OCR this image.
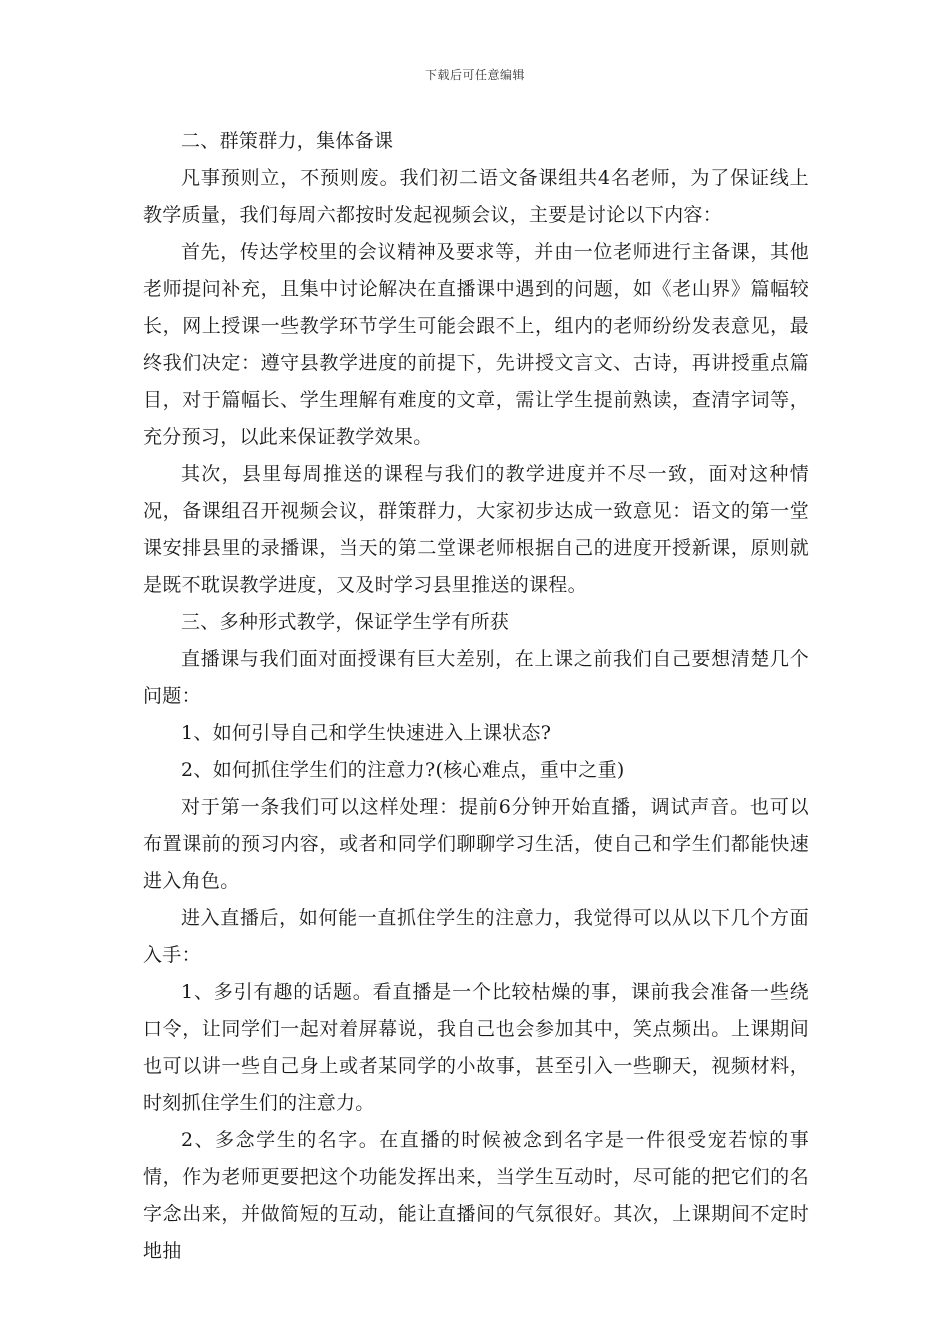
下载后可任意编辑

二、群策群力，集体备课

凡事预则立，不预则废。我们初二语文备课组共4名老师，为了保证线上教学质量，我们每周六都按时发起视频会议，主要是讨论以下内容：

首先，传达学校里的会议精神及要求等，并由一位老师进行主备课，其他老师提问补充，且集中讨论解决在直播课中遇到的问题，如《老山界》篇幅较长，网上授课一些教学环节学生可能会跟不上，组内的老师纷纷发表意见，最终我们决定：遵守县教学进度的前提下，先讲授文言文、古诗，再讲授重点篇目，对于篇幅长、学生理解有难度的文章，需让学生提前熟读，查清字词等，充分预习，以此来保证教学效果。

其次，县里每周推送的课程与我们的教学进度并不尽一致，面对这种情况，备课组召开视频会议，群策群力，大家初步达成一致意见：语文的第一堂课安排县里的录播课，当天的第二堂课老师根据自己的进度开授新课，原则就是既不耽误教学进度，又及时学习县里推送的课程。

三、多种形式教学，保证学生学有所获

直播课与我们面对面授课有巨大差别，在上课之前我们自己要想清楚几个问题：

1、如何引导自己和学生快速进入上课状态?

2、如何抓住学生们的注意力?(核心难点，重中之重)

对于第一条我们可以这样处理：提前6分钟开始直播，调试声音。也可以布置课前的预习内容，或者和同学们聊聊学习生活，使自己和学生们都能快速进入角色。

进入直播后，如何能一直抓住学生的注意力，我觉得可以从以下几个方面入手：

1、多引有趣的话题。看直播是一个比较枯燥的事，课前我会准备一些绕口令，让同学们一起对着屏幕说，我自己也会参加其中，笑点频出。上课期间也可以讲一些自己身上或者某同学的小故事，甚至引入一些聊天，视频材料，时刻抓住学生们的注意力。

2、多念学生的名字。在直播的时候被念到名字是一件很受宠若惊的事情，作为老师更要把这个功能发挥出来，当学生互动时，尽可能的把它们的名字念出来，并做简短的互动，能让直播间的气氛很好。其次，上课期间不定时地抽
